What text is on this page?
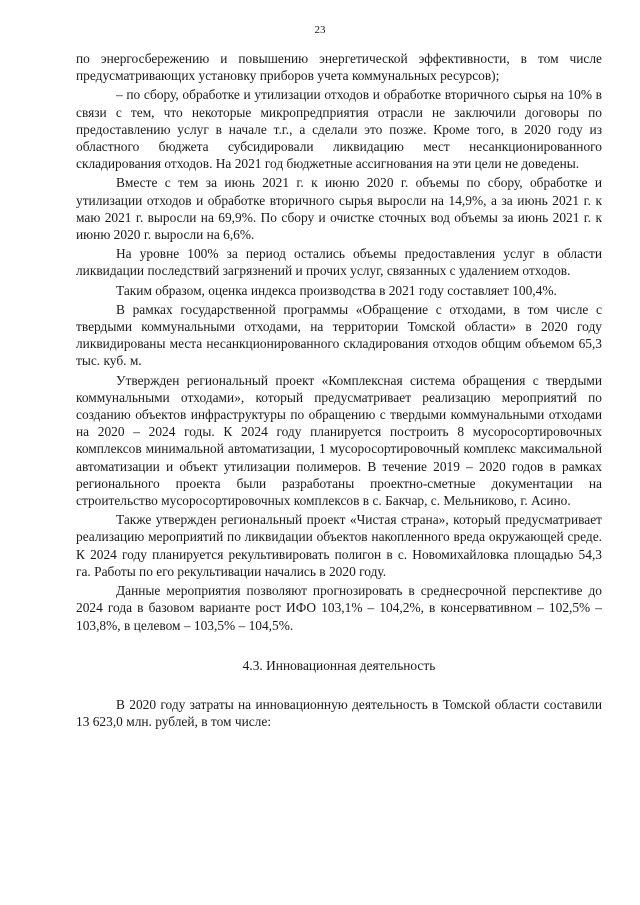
23

по энергосбережению и повышению энергетической эффективности, в том числе предусматривающих установку приборов учета коммунальных ресурсов);

– по сбору, обработке и утилизации отходов и обработке вторичного сырья на 10% в связи с тем, что некоторые микропредприятия отрасли не заключили договоры по предоставлению услуг в начале т.г., а сделали это позже. Кроме того, в 2020 году из областного бюджета субсидировали ликвидацию мест несанкционированного складирования отходов. На 2021 год бюджетные ассигнования на эти цели не доведены.

Вместе с тем за июнь 2021 г. к июню 2020 г. объемы по сбору, обработке и утилизации отходов и обработке вторичного сырья выросли на 14,9%, а за июнь 2021 г. к маю 2021 г. выросли на 69,9%. По сбору и очистке сточных вод объемы за июнь 2021 г. к июню 2020 г. выросли на 6,6%.

На уровне 100% за период остались объемы предоставления услуг в области ликвидации последствий загрязнений и прочих услуг, связанных с удалением отходов.

Таким образом, оценка индекса производства в 2021 году составляет 100,4%.

В рамках государственной программы «Обращение с отходами, в том числе с твердыми коммунальными отходами, на территории Томской области» в 2020 году ликвидированы места несанкционированного складирования отходов общим объемом 65,3 тыс. куб. м.

Утвержден региональный проект «Комплексная система обращения с твердыми коммунальными отходами», который предусматривает реализацию мероприятий по созданию объектов инфраструктуры по обращению с твердыми коммунальными отходами на 2020 – 2024 годы. К 2024 году планируется построить 8 мусоросортировочных комплексов минимальной автоматизации, 1 мусоросортировочный комплекс максимальной автоматизации и объект утилизации полимеров. В течение 2019 – 2020 годов в рамках регионального проекта были разработаны проектно-сметные документации на строительство мусоросортировочных комплексов в с. Бакчар, с. Мельниково, г. Асино.

Также утвержден региональный проект «Чистая страна», который предусматривает реализацию мероприятий по ликвидации объектов накопленного вреда окружающей среде. К 2024 году планируется рекультивировать полигон в с. Новомихайловка площадью 54,3 га. Работы по его рекультивации начались в 2020 году.

Данные мероприятия позволяют прогнозировать в среднесрочной перспективе до 2024 года в базовом варианте рост ИФО 103,1% – 104,2%, в консервативном – 102,5% – 103,8%, в целевом – 103,5% – 104,5%.

4.3. Инновационная деятельность

В 2020 году затраты на инновационную деятельность в Томской области составили 13 623,0 млн. рублей, в том числе:
